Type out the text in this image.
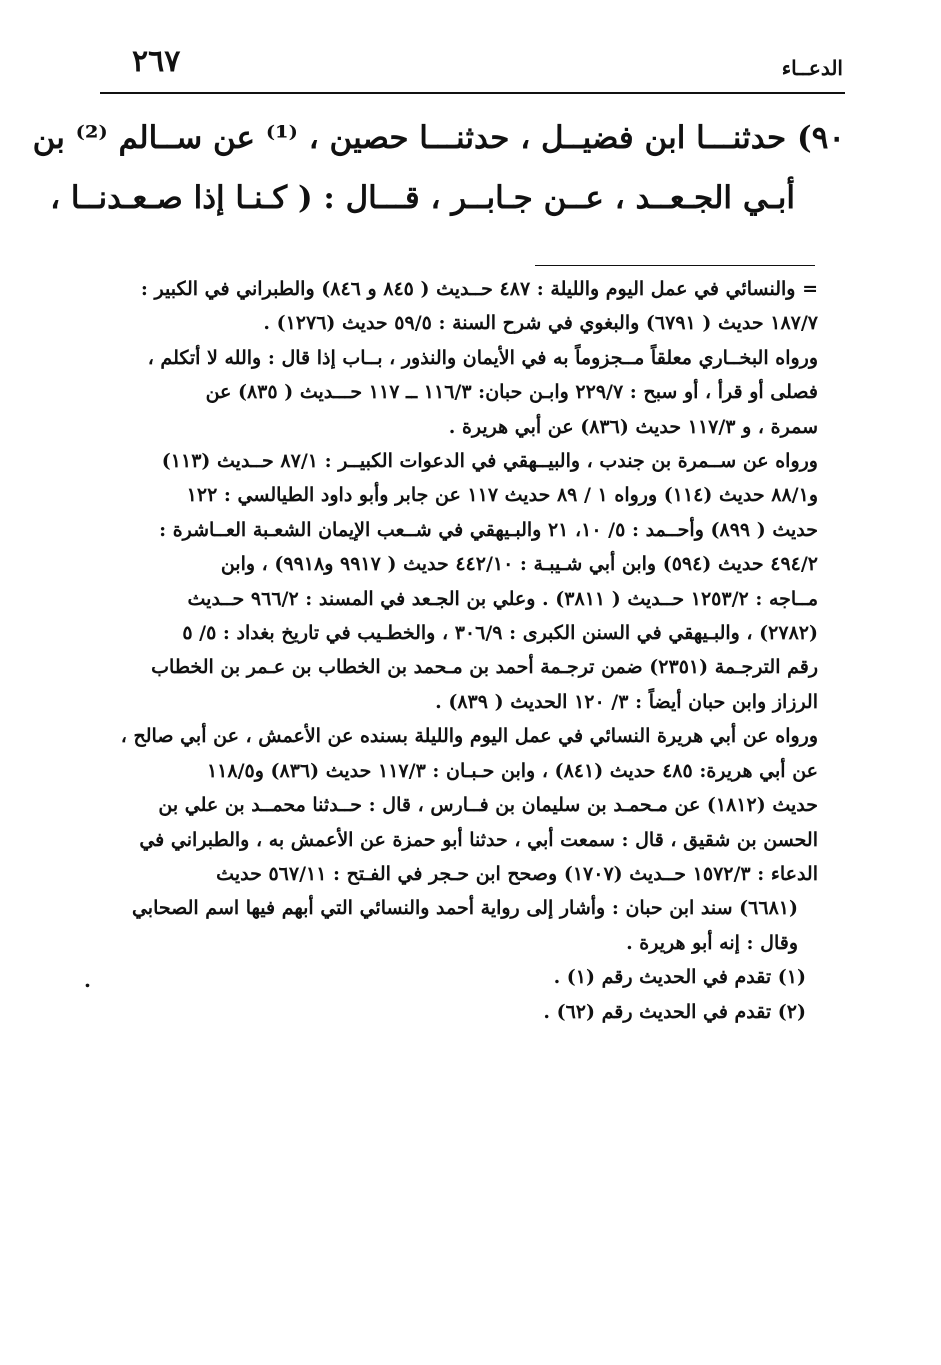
٢٦٧	الدعــاء

٩٠) حدثنـــا ابن فضيــل ، حدثنـــا حصين ، ⁽¹⁾ عن ســالم ⁽²⁾ بن

أبـي الجـعــد ، عــن جـابــر ، قـــال : ( كـنـا إذا صـعـدنــا ،

= والنسائي في عمل اليوم والليلة : ٤٨٧ حــديث ( ٨٤٥ و ٨٤٦) والطبراني في الكبير :

١٨٧/٧ حديث ( ٦٧٩١) والبغوي في شرح السنة : ٥٩/٥ حديث (١٢٧٦) .

ورواه البخــاري معلقاً مــجزوماً به في الأيمان والنذور ، بــاب إذا قال : والله لا أتكلم ،

فصلى أو قرأ ، أو سبح : ٢٢٩/٧ وابـن حبان: ١١٦/٣ ــ ١١٧ حـــديث ( ٨٣٥) عن

سمرة ، و ١١٧/٣ حديث (٨٣٦) عن أبي هريرة .

ورواه عن ســمرة بن جندب ، والبيــهقي في الدعوات الكبيــر : ٨٧/١ حــديث (١١٣)

و٨٨/١ حديث (١١٤) ورواه ١ / ٨٩ حديث ١١٧ عن جابر وأبو داود الطيالسي : ١٢٢

حديث ( ٨٩٩) وأحــمد : ٥/ ١٠، ٢١ والبـيهقي في شــعب الإيمان الشعـبة العــاشرة :

٤٩٤/٢ حديث (٥٩٤) وابن أبي شـيبـة : ٤٤٢/١٠ حديث ( ٩٩١٧ و٩٩١٨) ، وابن

مــاجه : ١٢٥٣/٢ حــديث ( ٣٨١١) . وعلي بن الجـعد في المسند : ٩٦٦/٢ حــديث

(٢٧٨٢) ، والبـيهقي في السنن الكبرى : ٣٠٦/٩ ، والخطـيب في تاريخ بغداد : ٥/ ٥

رقم الترجـمة (٢٣٥١) ضمن ترجـمة أحمد بن مـحمد بن الخطاب بن عـمر بن الخطاب

الرزاز وابن حبان أيضاً : ٣/ ١٢٠ الحديث ( ٨٣٩) .

ورواه عن أبي هريرة النسائي في عمل اليوم والليلة بسنده عن الأعمش ، عن أبي صالح ،

عن أبي هريرة: ٤٨٥ حديث (٨٤١) ، وابن حـبـان : ١١٧/٣ حديث (٨٣٦) و١١٨/٥

حديث (١٨١٢) عن مـحمـد بن سليمان بن فــارس ، قال : حــدثنا محمــد بن علي بن

الحسن بن شقيق ، قال : سمعت أبي ، حدثنا أبو حمزة عن الأعمش به ، والطبراني في

الدعاء : ١٥٧٢/٣ حــديث (١٧٠٧) وصحح ابن حـجر في الفـتح : ٥٦٧/١١ حديث

(٦٦٨١) سند ابن حبان : وأشار إلى رواية أحمد والنسائي التي أبهم فيها اسم الصحابي

وقال : إنه أبو هريرة .

(١) تقدم في الحديث رقم (١) .

(٢) تقدم في الحديث رقم (٦٢) .

.
